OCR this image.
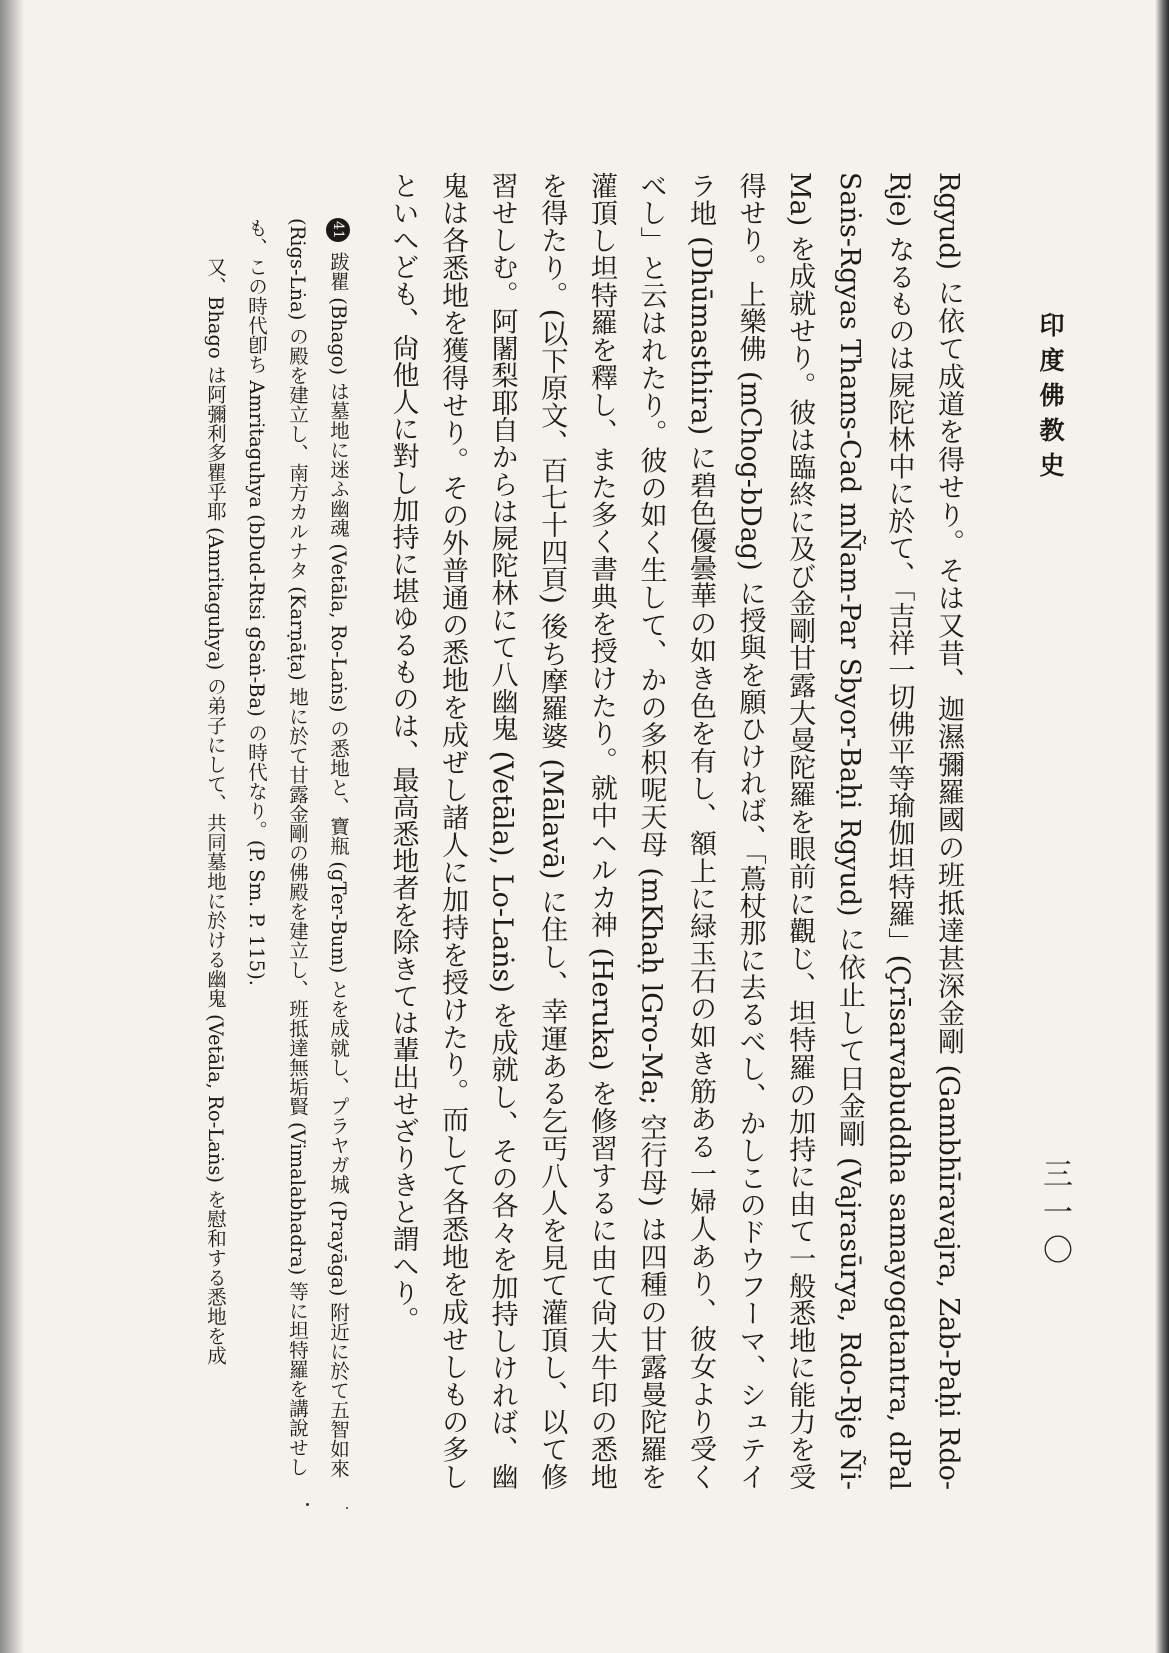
印度佛教史
三一〇

Rgyud) に依て成道を得せり。そは又昔、迦濕彌羅國の班抵達甚深金剛 (Gambhīravajra, Zab-Paḥi Rdo-Rje) なるものは屍陀林中に於て、「吉祥一切佛平等瑜伽坦特羅」(Çrīsarvabuddha samayogatantra, dPal Saṅs-Rgyas Thams-Cad mÑam-Par Sbyor-Baḥi Rgyud) に依止して日金剛 (Vajrasūrya, Rdo-Rje Ñi-Ma) を成就せり。彼は臨終に及び金剛甘露大曼陀羅を眼前に觀じ、坦特羅の加持に由て一般悉地に能力を受得せり。上樂佛 (mChog-bDag) に授與を願ひければ、「蔦杖那に去るべし、かしこのドウフーマ、シュテイラ地 (Dhūmasthira) に碧色優曇華の如き色を有し、額上に緑玉石の如き筋ある一婦人あり、彼女より受くべし」と云はれたり。彼の如く生して、かの多枳呢天母 (mKhaḥ lGro-Ma; 空行母) は四種の甘露曼陀羅を灌頂し坦特羅を釋し、また多く書典を授けたり。就中ヘルカ神 (Heruka) を修習するに由て尙大牛印の悉地を得たり。(以下原文、百七十四頁) 後ち摩羅婆 (Mālavā) に住し、幸運ある乞丐八人を見て灌頂し、以て修習せしむ。阿闍梨耶自からは屍陀林にて八幽鬼 (Vetāla), Lo-Laṅs) を成就し、その各々を加持しければ、幽鬼は各悉地を獲得せり。その外普通の悉地を成ぜし諸人に加持を授けたり。而して各悉地を成せしもの多しといへども、尙他人に對し加持に堪ゆるものは、最高悉地者を除きては輩出せざりきと謂へり。

41跋瞿 (Bhago) は墓地に迷ふ幽魂 (Vetāla, Ro-Laṅs) の悉地と、寶瓶 (gTer-Bum) とを成就し、プラヤガ城 (Prayāga) 附近に於て五智如來 (Rigs-Lṅa) の殿を建立し、南方カルナタ (Karṇāṭa) 地に於て甘露金剛の佛殿を建立し、班抵達無垢賢 (Vimalabhadra) 等に坦特羅を講說せしも、この時代卽ち Amritaguhya (bDud-Rtsi gSaṅ-Ba) の時代なり。(P. Sm. P. 115).

又、Bhago は阿彌利多瞿乎耶 (Amritaguhya) の弟子にして、共同墓地に於ける幽鬼 (Vetāla, Ro-Laṅs) を慰和する悉地を成
